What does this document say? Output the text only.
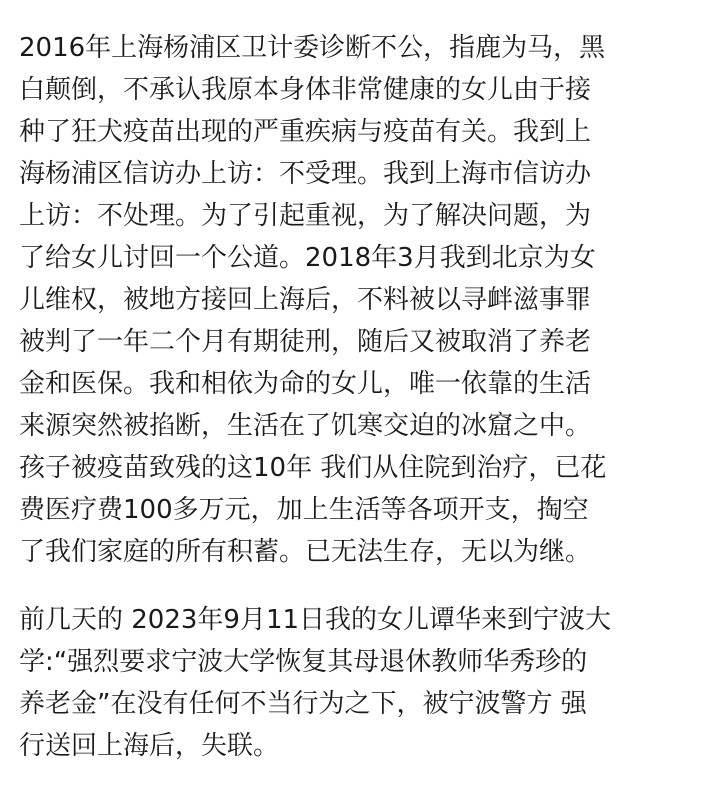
2016年上海杨浦区卫计委诊断不公，指鹿为马，黑
白颠倒，不承认我原本身体非常健康的女儿由于接
种了狂犬疫苗出现的严重疾病与疫苗有关。我到上
海杨浦区信访办上访：不受理。我到上海市信访办
上访：不处理。为了引起重视，为了解决问题，为
了给女儿讨回一个公道。2018年3月我到北京为女
儿维权，被地方接回上海后，不料被以寻衅滋事罪
被判了一年二个月有期徒刑，随后又被取消了养老
金和医保。我和相依为命的女儿，唯一依靠的生活
来源突然被掐断，生活在了饥寒交迫的冰窟之中。
孩子被疫苗致残的这10年 我们从住院到治疗，已花
费医疗费100多万元，加上生活等各项开支，掏空
了我们家庭的所有积蓄。已无法生存，无以为继。
前几天的 2023年9月11日我的女儿谭华来到宁波大
学:“强烈要求宁波大学恢复其母退休教师华秀珍的
养老金”在没有任何不当行为之下，被宁波警方 强
行送回上海后，失联。
